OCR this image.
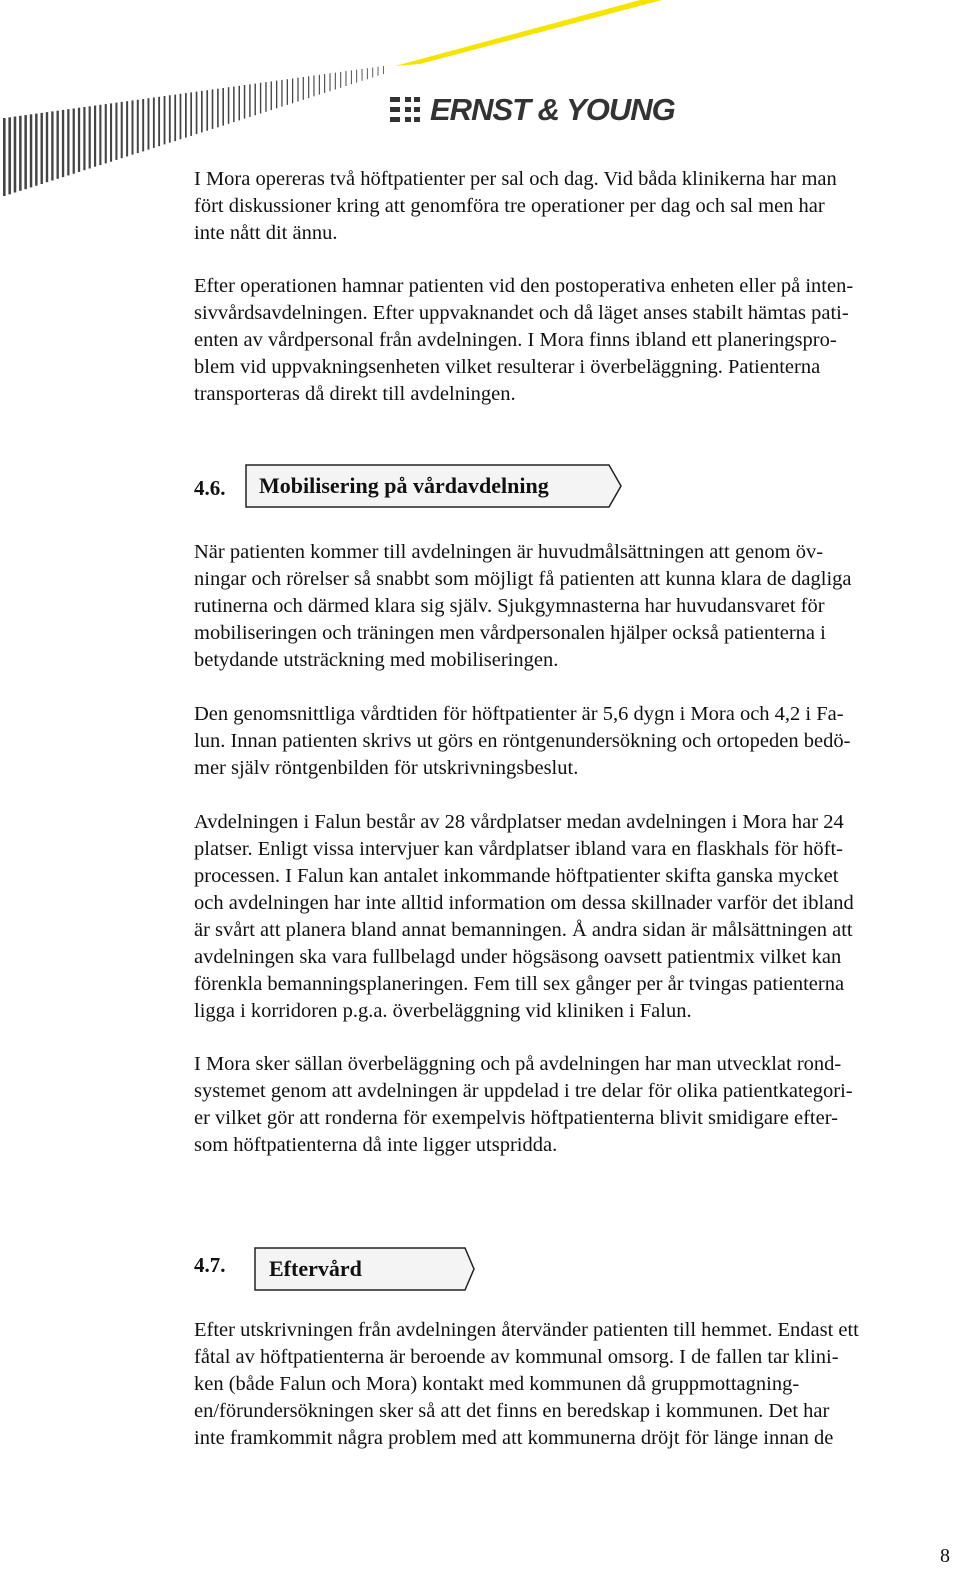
ERNST & YOUNG

I Mora opereras två höftpatienter per sal och dag. Vid båda klinikerna har man
fört diskussioner kring att genomföra tre operationer per dag och sal men har
inte nått dit ännu.

Efter operationen hamnar patienten vid den postoperativa enheten eller på inten-
sivvårdsavdelningen. Efter uppvaknandet och då läget anses stabilt hämtas pati-
enten av vårdpersonal från avdelningen. I Mora finns ibland ett planeringspro-
blem vid uppvakningsenheten vilket resulterar i överbeläggning. Patienterna
transporteras då direkt till avdelningen.

4.6. Mobilisering på vårdavdelning

När patienten kommer till avdelningen är huvudmålsättningen att genom öv-
ningar och rörelser så snabbt som möjligt få patienten att kunna klara de dagliga
rutinerna och därmed klara sig själv. Sjukgymnasterna har huvudansvaret för
mobiliseringen och träningen men vårdpersonalen hjälper också patienterna i
betydande utsträckning med mobiliseringen.

Den genomsnittliga vårdtiden för höftpatienter är 5,6 dygn i Mora och 4,2 i Fa-
lun. Innan patienten skrivs ut görs en röntgenundersökning och ortopeden bedö-
mer själv röntgenbilden för utskrivningsbeslut.

Avdelningen i Falun består av 28 vårdplatser medan avdelningen i Mora har 24
platser. Enligt vissa intervjuer kan vårdplatser ibland vara en flaskhals för höft-
processen. I Falun kan antalet inkommande höftpatienter skifta ganska mycket
och avdelningen har inte alltid information om dessa skillnader varför det ibland
är svårt att planera bland annat bemanningen. Å andra sidan är målsättningen att
avdelningen ska vara fullbelagd under högsäsong oavsett patientmix vilket kan
förenkla bemanningsplaneringen. Fem till sex gånger per år tvingas patienterna
ligga i korridoren p.g.a. överbeläggning vid kliniken i Falun.

I Mora sker sällan överbeläggning och på avdelningen har man utvecklat rond-
systemet genom att avdelningen är uppdelad i tre delar för olika patientkategori-
er vilket gör att ronderna för exempelvis höftpatienterna blivit smidigare efter-
som höftpatienterna då inte ligger utspridda.

4.7. Eftervård

Efter utskrivningen från avdelningen återvänder patienten till hemmet. Endast ett
fåtal av höftpatienterna är beroende av kommunal omsorg. I de fallen tar klini-
ken (både Falun och Mora) kontakt med kommunen då gruppmottagning-
en/förundersökningen sker så att det finns en beredskap i kommunen. Det har
inte framkommit några problem med att kommunerna dröjt för länge innan de

8
